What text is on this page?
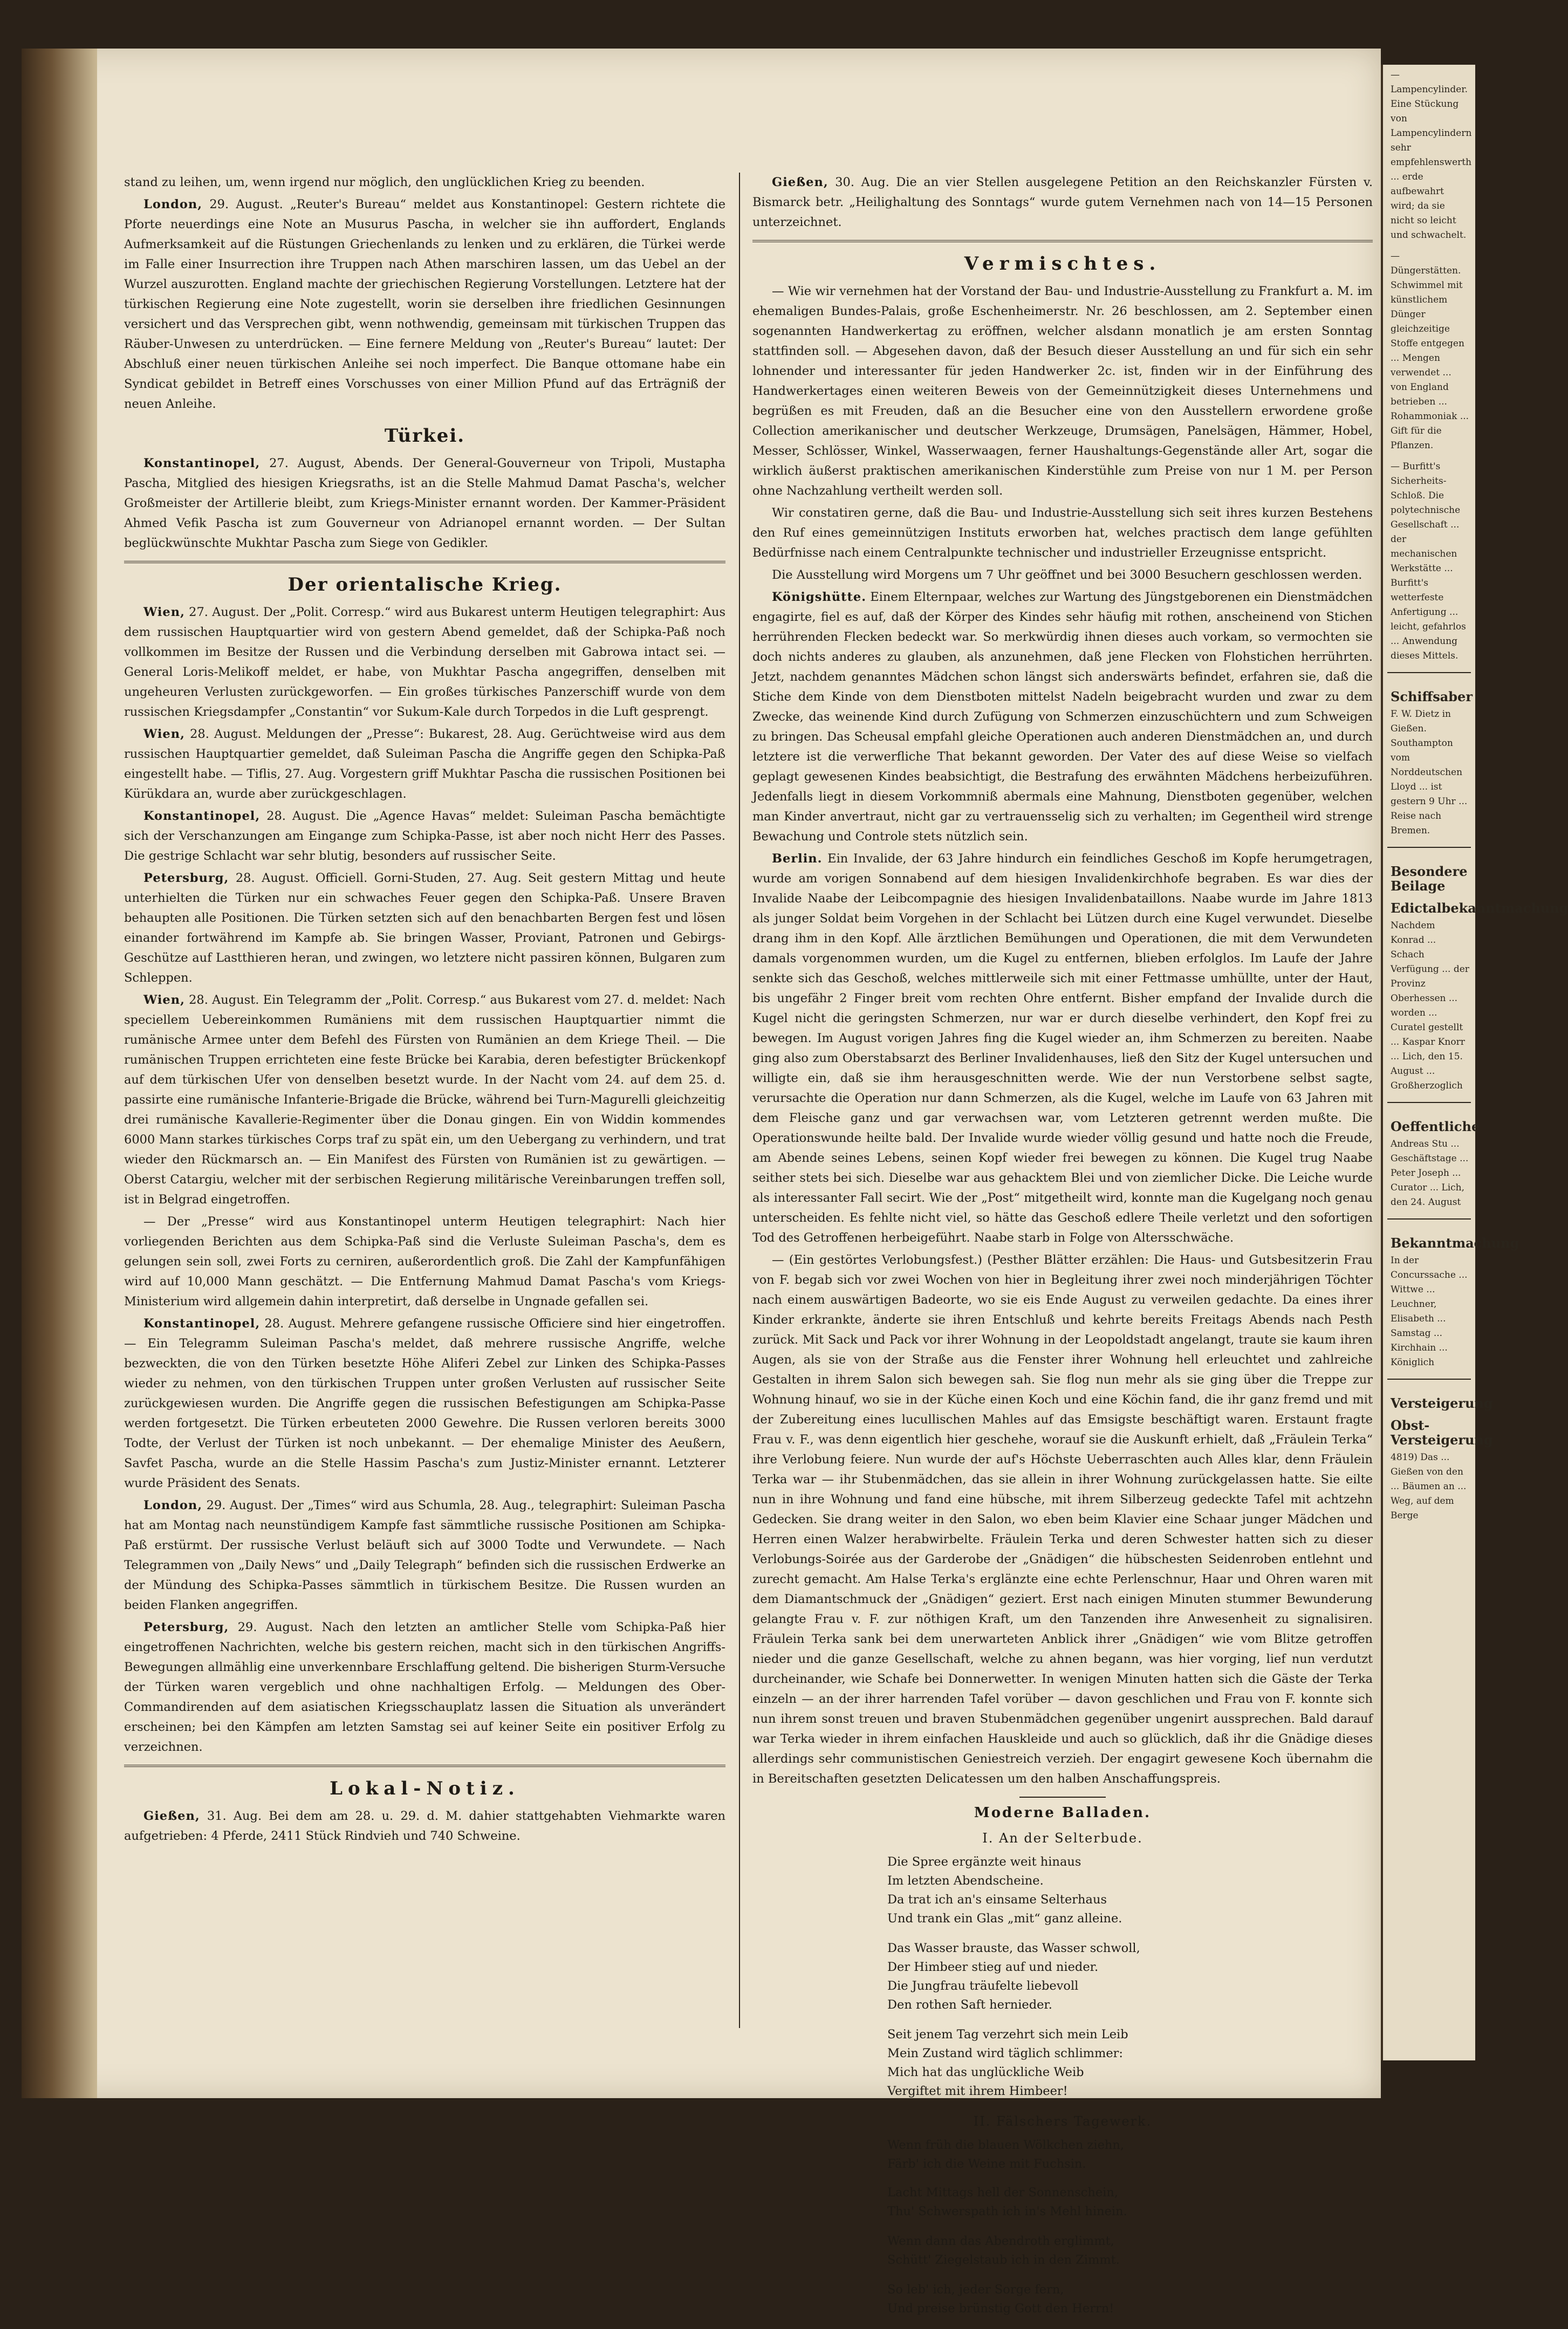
stand zu leihen, um, wenn irgend nur möglich, den unglücklichen Krieg zu beenden.

London, 29. August. „Reuter's Bureau“ meldet aus Konstantinopel: Gestern richtete die Pforte neuerdings eine Note an Musurus Pascha, in welcher sie ihn auffordert, Englands Aufmerksamkeit auf die Rüstungen Griechenlands zu lenken und zu erklären, die Türkei werde im Falle einer Insurrection ihre Truppen nach Athen marschiren lassen, um das Uebel an der Wurzel auszurotten. England machte der griechischen Regierung Vorstellungen. Letztere hat der türkischen Regierung eine Note zugestellt, worin sie derselben ihre friedlichen Gesinnungen versichert und das Versprechen gibt, wenn nothwendig, gemeinsam mit türkischen Truppen das Räuber-Unwesen zu unterdrücken. — Eine fernere Meldung von „Reuter's Bureau“ lautet: Der Abschluß einer neuen türkischen Anleihe sei noch imperfect. Die Banque ottomane habe ein Syndicat gebildet in Betreff eines Vorschusses von einer Million Pfund auf das Erträgniß der neuen Anleihe.

Türkei.

Konstantinopel, 27. August, Abends. Der General-Gouverneur von Tripoli, Mustapha Pascha, Mitglied des hiesigen Kriegsraths, ist an die Stelle Mahmud Damat Pascha's, welcher Großmeister der Artillerie bleibt, zum Kriegs-Minister ernannt worden. Der Kammer-Präsident Ahmed Vefik Pascha ist zum Gouverneur von Adrianopel ernannt worden. — Der Sultan beglückwünschte Mukhtar Pascha zum Siege von Gedikler.

Der orientalische Krieg.

Wien, 27. August. Der „Polit. Corresp.“ wird aus Bukarest unterm Heutigen telegraphirt: Aus dem russischen Hauptquartier wird von gestern Abend gemeldet, daß der Schipka-Paß noch vollkommen im Besitze der Russen und die Verbindung derselben mit Gabrowa intact sei. — General Loris-Melikoff meldet, er habe, von Mukhtar Pascha angegriffen, denselben mit ungeheuren Verlusten zurückgeworfen. — Ein großes türkisches Panzerschiff wurde von dem russischen Kriegsdampfer „Constantin“ vor Sukum-Kale durch Torpedos in die Luft gesprengt.

Wien, 28. August. Meldungen der „Presse“: Bukarest, 28. Aug. Gerüchtweise wird aus dem russischen Hauptquartier gemeldet, daß Suleiman Pascha die Angriffe gegen den Schipka-Paß eingestellt habe. — Tiflis, 27. Aug. Vorgestern griff Mukhtar Pascha die russischen Positionen bei Kürükdara an, wurde aber zurückgeschlagen.

Konstantinopel, 28. August. Die „Agence Havas“ meldet: Suleiman Pascha bemächtigte sich der Verschanzungen am Eingange zum Schipka-Passe, ist aber noch nicht Herr des Passes. Die gestrige Schlacht war sehr blutig, besonders auf russischer Seite.

Petersburg, 28. August. Officiell. Gorni-Studen, 27. Aug. Seit gestern Mittag und heute unterhielten die Türken nur ein schwaches Feuer gegen den Schipka-Paß. Unsere Braven behaupten alle Positionen. Die Türken setzten sich auf den benachbarten Bergen fest und lösen einander fortwährend im Kampfe ab. Sie bringen Wasser, Proviant, Patronen und Gebirgs-Geschütze auf Lastthieren heran, und zwingen, wo letztere nicht passiren können, Bulgaren zum Schleppen.

Wien, 28. August. Ein Telegramm der „Polit. Corresp.“ aus Bukarest vom 27. d. meldet: Nach speciellem Uebereinkommen Rumäniens mit dem russischen Hauptquartier nimmt die rumänische Armee unter dem Befehl des Fürsten von Rumänien an dem Kriege Theil. — Die rumänischen Truppen errichteten eine feste Brücke bei Karabia, deren befestigter Brückenkopf auf dem türkischen Ufer von denselben besetzt wurde. In der Nacht vom 24. auf dem 25. d. passirte eine rumänische Infanterie-Brigade die Brücke, während bei Turn-Magurelli gleichzeitig drei rumänische Kavallerie-Regimenter über die Donau gingen. Ein von Widdin kommendes 6000 Mann starkes türkisches Corps traf zu spät ein, um den Uebergang zu verhindern, und trat wieder den Rückmarsch an. — Ein Manifest des Fürsten von Rumänien ist zu gewärtigen. — Oberst Catargiu, welcher mit der serbischen Regierung militärische Vereinbarungen treffen soll, ist in Belgrad eingetroffen.

— Der „Presse“ wird aus Konstantinopel unterm Heutigen telegraphirt: Nach hier vorliegenden Berichten aus dem Schipka-Paß sind die Verluste Suleiman Pascha's, dem es gelungen sein soll, zwei Forts zu cerniren, außerordentlich groß. Die Zahl der Kampfunfähigen wird auf 10,000 Mann geschätzt. — Die Entfernung Mahmud Damat Pascha's vom Kriegs-Ministerium wird allgemein dahin interpretirt, daß derselbe in Ungnade gefallen sei.

Konstantinopel, 28. August. Mehrere gefangene russische Officiere sind hier eingetroffen. — Ein Telegramm Suleiman Pascha's meldet, daß mehrere russische Angriffe, welche bezweckten, die von den Türken besetzte Höhe Aliferi Zebel zur Linken des Schipka-Passes wieder zu nehmen, von den türkischen Truppen unter großen Verlusten auf russischer Seite zurückgewiesen wurden. Die Angriffe gegen die russischen Befestigungen am Schipka-Passe werden fortgesetzt. Die Türken erbeuteten 2000 Gewehre. Die Russen verloren bereits 3000 Todte, der Verlust der Türken ist noch unbekannt. — Der ehemalige Minister des Aeußern, Savfet Pascha, wurde an die Stelle Hassim Pascha's zum Justiz-Minister ernannt. Letzterer wurde Präsident des Senats.

London, 29. August. Der „Times“ wird aus Schumla, 28. Aug., telegraphirt: Suleiman Pascha hat am Montag nach neunstündigem Kampfe fast sämmtliche russische Positionen am Schipka-Paß erstürmt. Der russische Verlust beläuft sich auf 3000 Todte und Verwundete. — Nach Telegrammen von „Daily News“ und „Daily Telegraph“ befinden sich die russischen Erdwerke an der Mündung des Schipka-Passes sämmtlich in türkischem Besitze. Die Russen wurden an beiden Flanken angegriffen.

Petersburg, 29. August. Nach den letzten an amtlicher Stelle vom Schipka-Paß hier eingetroffenen Nachrichten, welche bis gestern reichen, macht sich in den türkischen Angriffs-Bewegungen allmählig eine unverkennbare Erschlaffung geltend. Die bisherigen Sturm-Versuche der Türken waren vergeblich und ohne nachhaltigen Erfolg. — Meldungen des Ober-Commandirenden auf dem asiatischen Kriegsschauplatz lassen die Situation als unverändert erscheinen; bei den Kämpfen am letzten Samstag sei auf keiner Seite ein positiver Erfolg zu verzeichnen.

Lokal-Notiz.

Gießen, 31. Aug. Bei dem am 28. u. 29. d. M. dahier stattgehabten Viehmarkte waren aufgetrieben: 4 Pferde, 2411 Stück Rindvieh und 740 Schweine.

Gießen, 30. Aug. Die an vier Stellen ausgelegene Petition an den Reichskanzler Fürsten v. Bismarck betr. „Heilighaltung des Sonntags“ wurde gutem Vernehmen nach von 14—15 Personen unterzeichnet.

Vermischtes.

— Wie wir vernehmen hat der Vorstand der Bau- und Industrie-Ausstellung zu Frankfurt a. M. im ehemaligen Bundes-Palais, große Eschenheimerstr. Nr. 26 beschlossen, am 2. September einen sogenannten Handwerkertag zu eröffnen, welcher alsdann monatlich je am ersten Sonntag stattfinden soll. — Abgesehen davon, daß der Besuch dieser Ausstellung an und für sich ein sehr lohnender und interessanter für jeden Handwerker 2c. ist, finden wir in der Einführung des Handwerkertages einen weiteren Beweis von der Gemeinnützigkeit dieses Unternehmens und begrüßen es mit Freuden, daß an die Besucher eine von den Ausstellern erwordene große Collection amerikanischer und deutscher Werkzeuge, Drumsägen, Panelsägen, Hämmer, Hobel, Messer, Schlösser, Winkel, Wasserwaagen, ferner Haushaltungs-Gegenstände aller Art, sogar die wirklich äußerst praktischen amerikanischen Kinderstühle zum Preise von nur 1 M. per Person ohne Nachzahlung vertheilt werden soll.

Wir constatiren gerne, daß die Bau- und Industrie-Ausstellung sich seit ihres kurzen Bestehens den Ruf eines gemeinnützigen Instituts erworben hat, welches practisch dem lange gefühlten Bedürfnisse nach einem Centralpunkte technischer und industrieller Erzeugnisse entspricht.

Die Ausstellung wird Morgens um 7 Uhr geöffnet und bei 3000 Besuchern geschlossen werden.

Königshütte. Einem Elternpaar, welches zur Wartung des Jüngstgeborenen ein Dienstmädchen engagirte, fiel es auf, daß der Körper des Kindes sehr häufig mit rothen, anscheinend von Stichen herrührenden Flecken bedeckt war. So merkwürdig ihnen dieses auch vorkam, so vermochten sie doch nichts anderes zu glauben, als anzunehmen, daß jene Flecken von Flohstichen herrührten. Jetzt, nachdem genanntes Mädchen schon längst sich anderswärts befindet, erfahren sie, daß die Stiche dem Kinde von dem Dienstboten mittelst Nadeln beigebracht wurden und zwar zu dem Zwecke, das weinende Kind durch Zufügung von Schmerzen einzuschüchtern und zum Schweigen zu bringen. Das Scheusal empfahl gleiche Operationen auch anderen Dienstmädchen an, und durch letztere ist die verwerfliche That bekannt geworden. Der Vater des auf diese Weise so vielfach geplagt gewesenen Kindes beabsichtigt, die Bestrafung des erwähnten Mädchens herbeizuführen. Jedenfalls liegt in diesem Vorkommniß abermals eine Mahnung, Dienstboten gegenüber, welchen man Kinder anvertraut, nicht gar zu vertrauensselig sich zu verhalten; im Gegentheil wird strenge Bewachung und Controle stets nützlich sein.

Berlin. Ein Invalide, der 63 Jahre hindurch ein feindliches Geschoß im Kopfe herumgetragen, wurde am vorigen Sonnabend auf dem hiesigen Invalidenkirchhofe begraben. Es war dies der Invalide Naabe der Leibcompagnie des hiesigen Invalidenbataillons. Naabe wurde im Jahre 1813 als junger Soldat beim Vorgehen in der Schlacht bei Lützen durch eine Kugel verwundet. Dieselbe drang ihm in den Kopf. Alle ärztlichen Bemühungen und Operationen, die mit dem Verwundeten damals vorgenommen wurden, um die Kugel zu entfernen, blieben erfolglos. Im Laufe der Jahre senkte sich das Geschoß, welches mittlerweile sich mit einer Fettmasse umhüllte, unter der Haut, bis ungefähr 2 Finger breit vom rechten Ohre entfernt. Bisher empfand der Invalide durch die Kugel nicht die geringsten Schmerzen, nur war er durch dieselbe verhindert, den Kopf frei zu bewegen. Im August vorigen Jahres fing die Kugel wieder an, ihm Schmerzen zu bereiten. Naabe ging also zum Oberstabsarzt des Berliner Invalidenhauses, ließ den Sitz der Kugel untersuchen und willigte ein, daß sie ihm herausgeschnitten werde. Wie der nun Verstorbene selbst sagte, verursachte die Operation nur dann Schmerzen, als die Kugel, welche im Laufe von 63 Jahren mit dem Fleische ganz und gar verwachsen war, vom Letzteren getrennt werden mußte. Die Operationswunde heilte bald. Der Invalide wurde wieder völlig gesund und hatte noch die Freude, am Abende seines Lebens, seinen Kopf wieder frei bewegen zu können. Die Kugel trug Naabe seither stets bei sich. Dieselbe war aus gehacktem Blei und von ziemlicher Dicke. Die Leiche wurde als interessanter Fall secirt. Wie der „Post“ mitgetheilt wird, konnte man die Kugelgang noch genau unterscheiden. Es fehlte nicht viel, so hätte das Geschoß edlere Theile verletzt und den sofortigen Tod des Getroffenen herbeigeführt. Naabe starb in Folge von Altersschwäche.

— (Ein gestörtes Verlobungsfest.) (Pesther Blätter erzählen: Die Haus- und Gutsbesitzerin Frau von F. begab sich vor zwei Wochen von hier in Begleitung ihrer zwei noch minderjährigen Töchter nach einem auswärtigen Badeorte, wo sie eis Ende August zu verweilen gedachte. Da eines ihrer Kinder erkrankte, änderte sie ihren Entschluß und kehrte bereits Freitags Abends nach Pesth zurück. Mit Sack und Pack vor ihrer Wohnung in der Leopoldstadt angelangt, traute sie kaum ihren Augen, als sie von der Straße aus die Fenster ihrer Wohnung hell erleuchtet und zahlreiche Gestalten in ihrem Salon sich bewegen sah. Sie flog nun mehr als sie ging über die Treppe zur Wohnung hinauf, wo sie in der Küche einen Koch und eine Köchin fand, die ihr ganz fremd und mit der Zubereitung eines lucullischen Mahles auf das Emsigste beschäftigt waren. Erstaunt fragte Frau v. F., was denn eigentlich hier geschehe, worauf sie die Auskunft erhielt, daß „Fräulein Terka“ ihre Verlobung feiere. Nun wurde der auf's Höchste Ueberraschten auch Alles klar, denn Fräulein Terka war — ihr Stubenmädchen, das sie allein in ihrer Wohnung zurückgelassen hatte. Sie eilte nun in ihre Wohnung und fand eine hübsche, mit ihrem Silberzeug gedeckte Tafel mit achtzehn Gedecken. Sie drang weiter in den Salon, wo eben beim Klavier eine Schaar junger Mädchen und Herren einen Walzer herabwirbelte. Fräulein Terka und deren Schwester hatten sich zu dieser Verlobungs-Soirée aus der Garderobe der „Gnädigen“ die hübschesten Seidenroben entlehnt und zurecht gemacht. Am Halse Terka's erglänzte eine echte Perlenschnur, Haar und Ohren waren mit dem Diamantschmuck der „Gnädigen“ geziert. Erst nach einigen Minuten stummer Bewunderung gelangte Frau v. F. zur nöthigen Kraft, um den Tanzenden ihre Anwesenheit zu signalisiren. Fräulein Terka sank bei dem unerwarteten Anblick ihrer „Gnädigen“ wie vom Blitze getroffen nieder und die ganze Gesellschaft, welche zu ahnen begann, was hier vorging, lief nun verdutzt durcheinander, wie Schafe bei Donnerwetter. In wenigen Minuten hatten sich die Gäste der Terka einzeln — an der ihrer harrenden Tafel vorüber — davon geschlichen und Frau von F. konnte sich nun ihrem sonst treuen und braven Stubenmädchen gegenüber ungenirt aussprechen. Bald darauf war Terka wieder in ihrem einfachen Hauskleide und auch so glücklich, daß ihr die Gnädige dieses allerdings sehr communistischen Geniestreich verzieh. Der engagirt gewesene Koch übernahm die in Bereitschaften gesetzten Delicatessen um den halben Anschaffungspreis.

Moderne Balladen.
I. An der Selterbude.

Die Spree ergänzte weit hinaus
Im letzten Abendscheine.
Da trat ich an's einsame Selterhaus
Und trank ein Glas „mit“ ganz alleine.

Das Wasser brauste, das Wasser schwoll,
Der Himbeer stieg auf und nieder.
Die Jungfrau träufelte liebevoll
Den rothen Saft hernieder.

Seit jenem Tag verzehrt sich mein Leib
Mein Zustand wird täglich schlimmer:
Mich hat das unglückliche Weib
Vergiftet mit ihrem Himbeer!

II. Fälschers Tagewerk.

Wenn früh die blauen Wölkchen ziehn,
Färb' ich die Weine mit Fuchsin.
Lacht Mittags hell der Sonnenschein,
Thu' Schwerspath ich in's Mehl hinein.

Wenn dann das Abendroth erglimmt,
Schütt' Ziegelstaub ich in den Zimmt.

So leb' ich, jeder Sorge fern,
Und preise brünstig Gott den Herrn!

— Lampencylinder. Eine Stückung von Lampencylindern sehr empfehlenswerth ... erde aufbewahrt wird; da sie nicht so leicht und schwachelt.
— Düngerstätten. Schwimmel mit künstlichem Dünger gleichzeitige Stoffe entgegen ... Mengen verwendet ... von England betrieben ... Rohammoniak ... Gift für die Pflanzen.
— Burfitt's Sicherheits-Schloß. Die polytechnische Gesellschaft ... der mechanischen Werkstätte ... Burfitt's wetterfeste Anfertigung ... leicht, gefahrlos ... Anwendung dieses Mittels.
Schiffsaber
F. W. Dietz in Gießen. Southampton vom Norddeutschen Lloyd ... ist gestern 9 Uhr ... Reise nach Bremen.
Besondere Beilage
Edictalbekanntmachung
Nachdem Konrad ... Schach Verfügung ... der Provinz Oberhessen ... worden ... Curatel gestellt ... Kaspar Knorr ... Lich, den 15. August ... Großherzoglich
Oeffentliche
Andreas Stu ... Geschäftstage ... Peter Joseph ... Curator ... Lich, den 24. August
Bekanntmachung
In der Concurssache ... Wittwe ... Leuchner, Elisabeth ... Samstag ... Kirchhain ... Königlich
Versteigerung
Obst-Versteigerung
4819) Das ... Gießen von den ... Bäumen an ... Weg, auf dem Berge
